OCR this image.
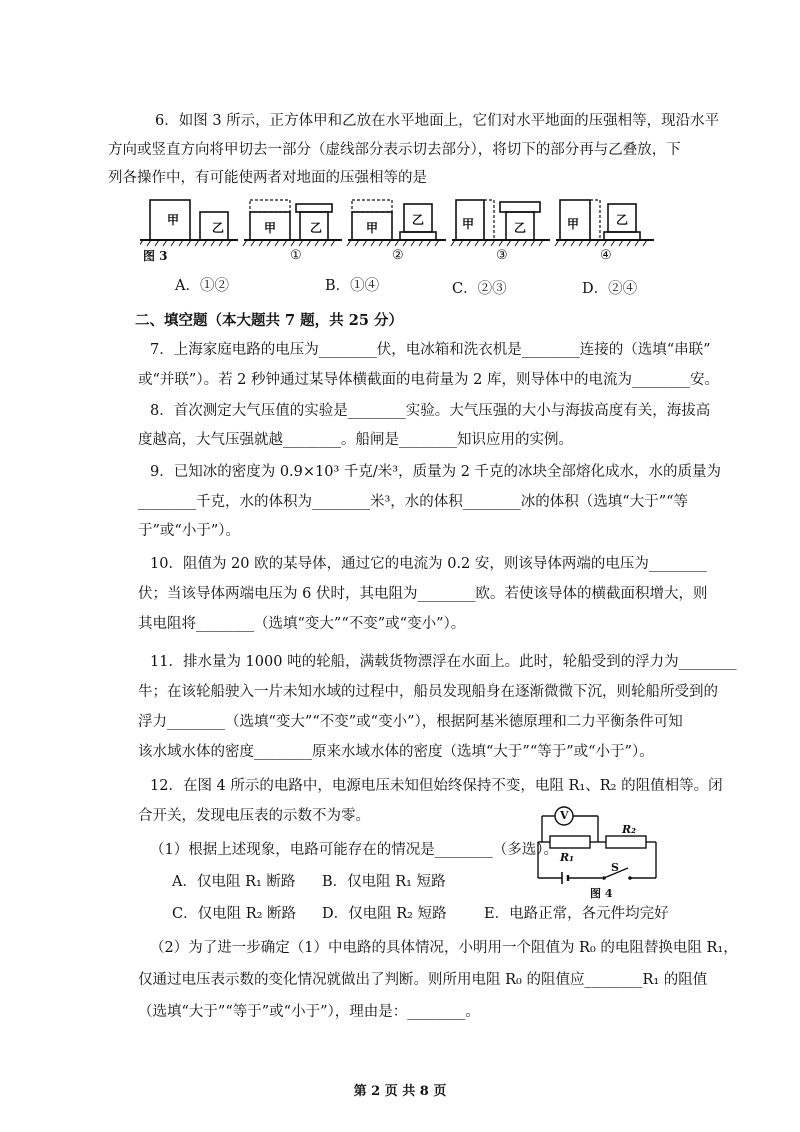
6．如图 3 所示，正方体甲和乙放在水平地面上，它们对水平地面的压强相等，现沿水平
方向或竖直方向将甲切去一部分（虚线部分表示切去部分），将切下的部分再与乙叠放，下
列各操作中，有可能使两者对地面的压强相等的是
甲
乙	甲	乙	甲
乙	甲	乙	甲	乙
图 3	①	②	③	④
A．①②	B．①④	C．②③	D．②④
二、填空题（本大题共 7 题，共 25 分）
7．上海家庭电路的电压为________伏，电冰箱和洗衣机是________连接的（选填“串联”
或“并联”）。若 2 秒钟通过某导体横截面的电荷量为 2 库，则导体中的电流为________安。
8．首次测定大气压值的实验是________实验。大气压强的大小与海拔高度有关，海拔高
度越高，大气压强就越________。船闸是________知识应用的实例。
9．已知冰的密度为 0.9×10³ 千克/米³，质量为 2 千克的冰块全部熔化成水，水的质量为
________千克，水的体积为________米³，水的体积________冰的体积（选填“大于”“等
于”或“小于”）。
10．阻值为 20 欧的某导体，通过它的电流为 0.2 安，则该导体两端的电压为________
伏；当该导体两端电压为 6 伏时，其电阻为________欧。若使该导体的横截面积增大，则
其电阻将________（选填“变大”“不变”或“变小”）。
11．排水量为 1000 吨的轮船，满载货物漂浮在水面上。此时，轮船受到的浮力为________
牛；在该轮船驶入一片未知水域的过程中，船员发现船身在逐渐微微下沉，则轮船所受到的
浮力________（选填“变大”“不变”或“变小”），根据阿基米德原理和二力平衡条件可知
该水域水体的密度________原来水域水体的密度（选填“大于”“等于”或“小于”）。
12．在图 4 所示的电路中，电源电压未知但始终保持不变，电阻 R₁、R₂ 的阻值相等。闭
合开关，发现电压表的示数不为零。
（1）根据上述现象，电路可能存在的情况是________（多选）。
A．仅电阻 R₁ 断路 B．仅电阻 R₁ 短路
C．仅电阻 R₂ 断路 D．仅电阻 R₂ 短路	E．电路正常，各元件均完好
V
R₁
R₂
S
图 4
（2）为了进一步确定（1）中电路的具体情况，小明用一个阻值为 R₀ 的电阻替换电阻 R₁，
仅通过电压表示数的变化情况就做出了判断。则所用电阻 R₀ 的阻值应________R₁ 的阻值
（选填“大于”“等于”或“小于”），理由是：________。
第 2 页 共 8 页
